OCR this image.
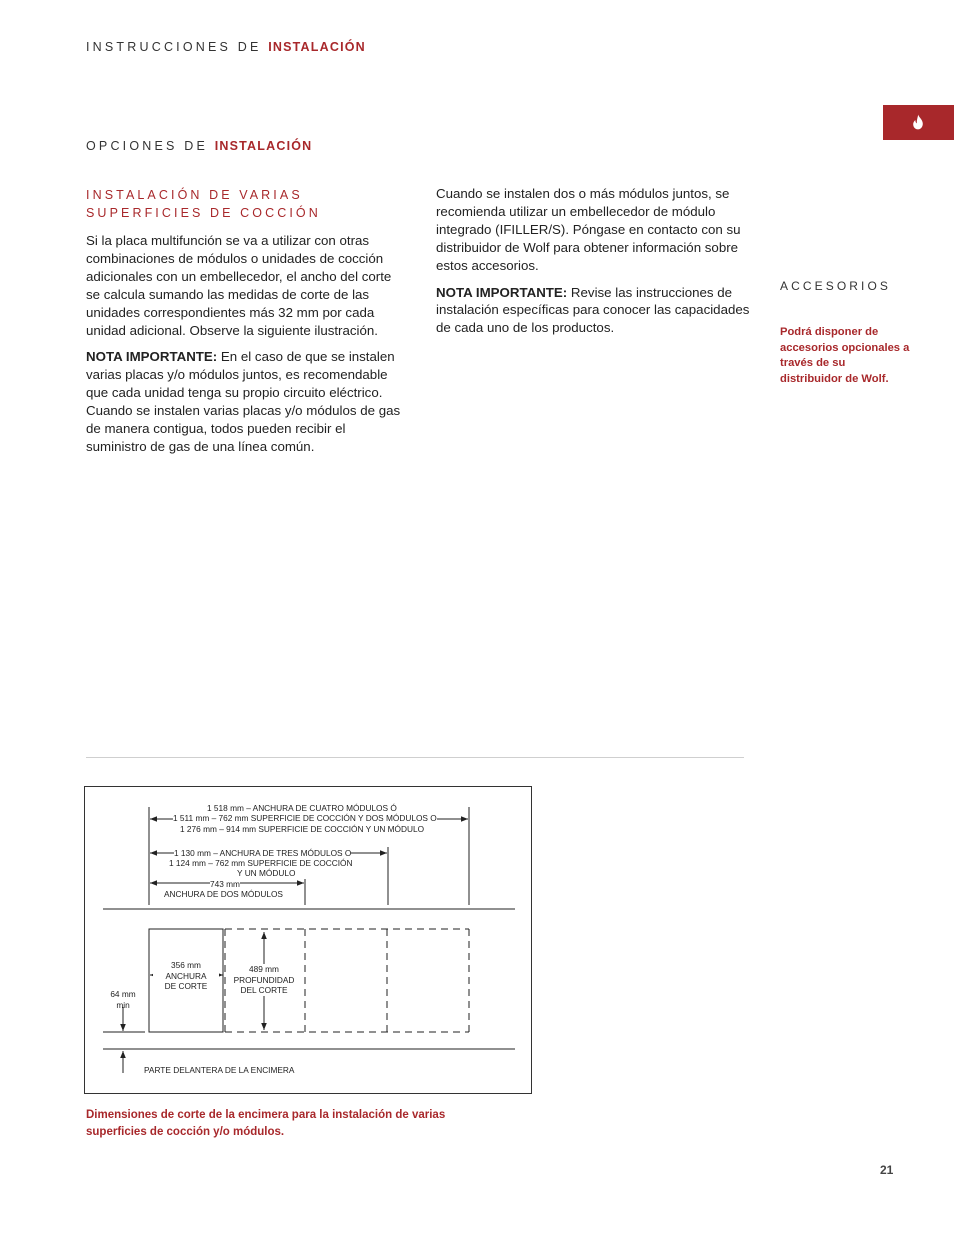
INSTRUCCIONES DE INSTALACIÓN
OPCIONES DE INSTALACIÓN
INSTALACIÓN DE VARIAS SUPERFICIES DE COCCIÓN

Si la placa multifunción se va a utilizar con otras combinaciones de módulos o unidades de cocción adicionales con un embellecedor, el ancho del corte se calcula sumando las medidas de corte de las unidades correspondientes más 32 mm por cada unidad adicional. Observe la siguiente ilustración.

NOTA IMPORTANTE: En el caso de que se instalen varias placas y/o módulos juntos, es recomendable que cada unidad tenga su propio circuito eléctrico. Cuando se instalen varias placas y/o módulos de gas de manera contigua, todos pueden recibir el suministro de gas de una línea común.

Cuando se instalen dos o más módulos juntos, se recomienda utilizar un embellecedor de módulo integrado (IFILLER/S). Póngase en contacto con su distribuidor de Wolf para obtener información sobre estos accesorios.

NOTA IMPORTANTE: Revise las instrucciones de instalación específicas para conocer las capacidades de cada uno de los productos.

ACCESORIOS
Podrá disponer de accesorios opcionales a través de su distribuidor de Wolf.
1 518 mm – ANCHURA DE CUATRO MÓDULOS Ó
1 511 mm – 762 mm SUPERFICIE DE COCCIÓN Y DOS MÓDULOS O
1 276 mm – 914 mm SUPERFICIE DE COCCIÓN Y UN MÓDULO
1 130 mm – ANCHURA DE TRES MÓDULOS O
1 124 mm – 762 mm SUPERFICIE DE COCCIÓN
Y UN MÓDULO
743 mm
ANCHURA DE DOS MÓDULOS
356 mm
ANCHURA
DE CORTE
489 mm
PROFUNDIDAD
DEL CORTE
64 mm
min
PARTE DELANTERA DE LA ENCIMERA
Dimensiones de corte de la encimera para la instalación de varias superficies de cocción y/o módulos.
21
